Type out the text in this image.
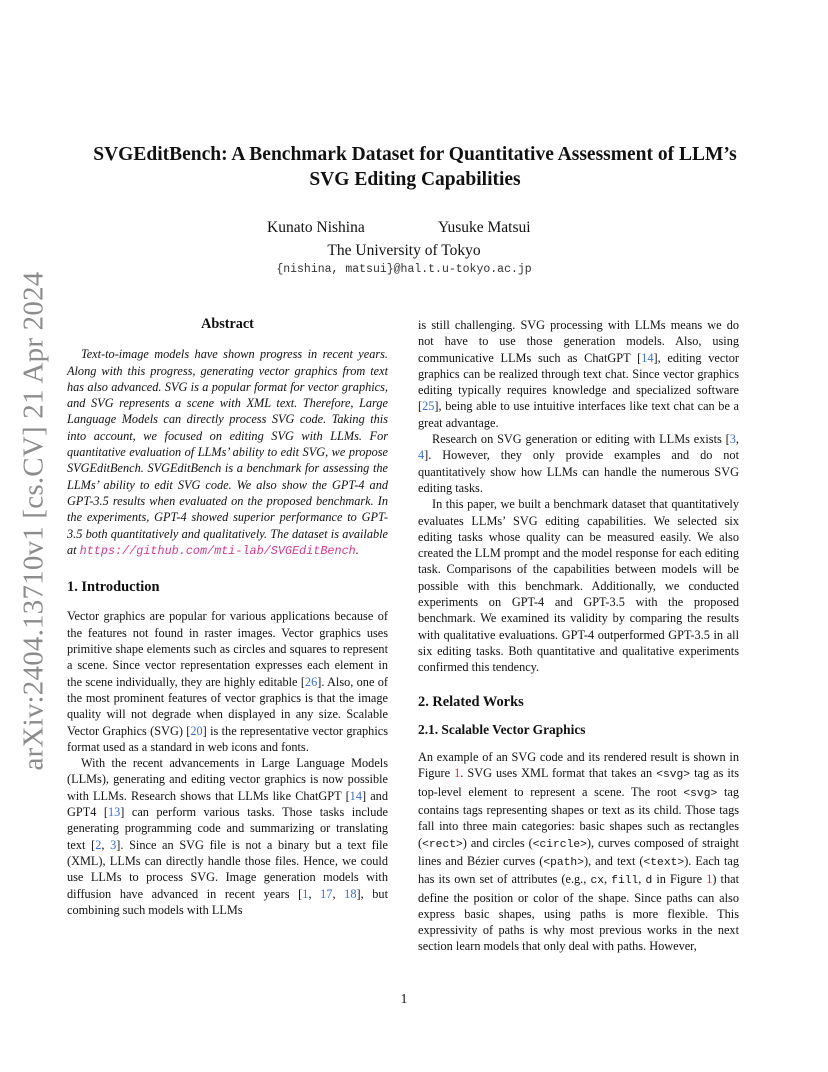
arXiv:2404.13710v1 [cs.CV] 21 Apr 2024
SVGEditBench: A Benchmark Dataset for Quantitative Assessment of LLM’s
SVG Editing Capabilities
Kunato Nishina	Yusuke Matsui
The University of Tokyo
{nishina, matsui}@hal.t.u-tokyo.ac.jp
Abstract

Text-to-image models have shown progress in recent years. Along with this progress, generating vector graphics from text has also advanced. SVG is a popular format for vector graphics, and SVG represents a scene with XML text. Therefore, Large Language Models can directly process SVG code. Taking this into account, we focused on editing SVG with LLMs. For quantitative evaluation of LLMs’ ability to edit SVG, we propose SVGEditBench. SVGEditBench is a benchmark for assessing the LLMs’ ability to edit SVG code. We also show the GPT-4 and GPT-3.5 results when evaluated on the proposed benchmark. In the experiments, GPT-4 showed superior performance to GPT-3.5 both quantitatively and qualitatively. The dataset is available at https://github.com/mti-lab/SVGEditBench.

1. Introduction

Vector graphics are popular for various applications because of the features not found in raster images. Vector graphics uses primitive shape elements such as circles and squares to represent a scene. Since vector representation expresses each element in the scene individually, they are highly editable [26]. Also, one of the most prominent features of vector graphics is that the image quality will not degrade when displayed in any size. Scalable Vector Graphics (SVG) [20] is the representative vector graphics format used as a standard in web icons and fonts.

With the recent advancements in Large Language Models (LLMs), generating and editing vector graphics is now possible with LLMs. Research shows that LLMs like ChatGPT [14] and GPT4 [13] can perform various tasks. Those tasks include generating programming code and summarizing or translating text [2, 3]. Since an SVG file is not a binary but a text file (XML), LLMs can directly handle those files. Hence, we could use LLMs to process SVG. Image generation models with diffusion have advanced in recent years [1, 17, 18], but combining such models with LLMs

is still challenging. SVG processing with LLMs means we do not have to use those generation models. Also, using communicative LLMs such as ChatGPT [14], editing vector graphics can be realized through text chat. Since vector graphics editing typically requires knowledge and specialized software [25], being able to use intuitive interfaces like text chat can be a great advantage.

Research on SVG generation or editing with LLMs exists [3, 4]. However, they only provide examples and do not quantitatively show how LLMs can handle the numerous SVG editing tasks.

In this paper, we built a benchmark dataset that quantitatively evaluates LLMs’ SVG editing capabilities. We selected six editing tasks whose quality can be measured easily. We also created the LLM prompt and the model response for each editing task. Comparisons of the capabilities between models will be possible with this benchmark. Additionally, we conducted experiments on GPT-4 and GPT-3.5 with the proposed benchmark. We examined its validity by comparing the results with qualitative evaluations. GPT-4 outperformed GPT-3.5 in all six editing tasks. Both quantitative and qualitative experiments confirmed this tendency.

2. Related Works
2.1. Scalable Vector Graphics

An example of an SVG code and its rendered result is shown in Figure 1. SVG uses XML format that takes an <svg> tag as its top-level element to represent a scene. The root <svg> tag contains tags representing shapes or text as its child. Those tags fall into three main categories: basic shapes such as rectangles (<rect>) and circles (<circle>), curves composed of straight lines and Bézier curves (<path>), and text (<text>). Each tag has its own set of attributes (e.g., cx, fill, d in Figure 1) that define the position or color of the shape. Since paths can also express basic shapes, using paths is more flexible. This expressivity of paths is why most previous works in the next section learn models that only deal with paths. However,

1
